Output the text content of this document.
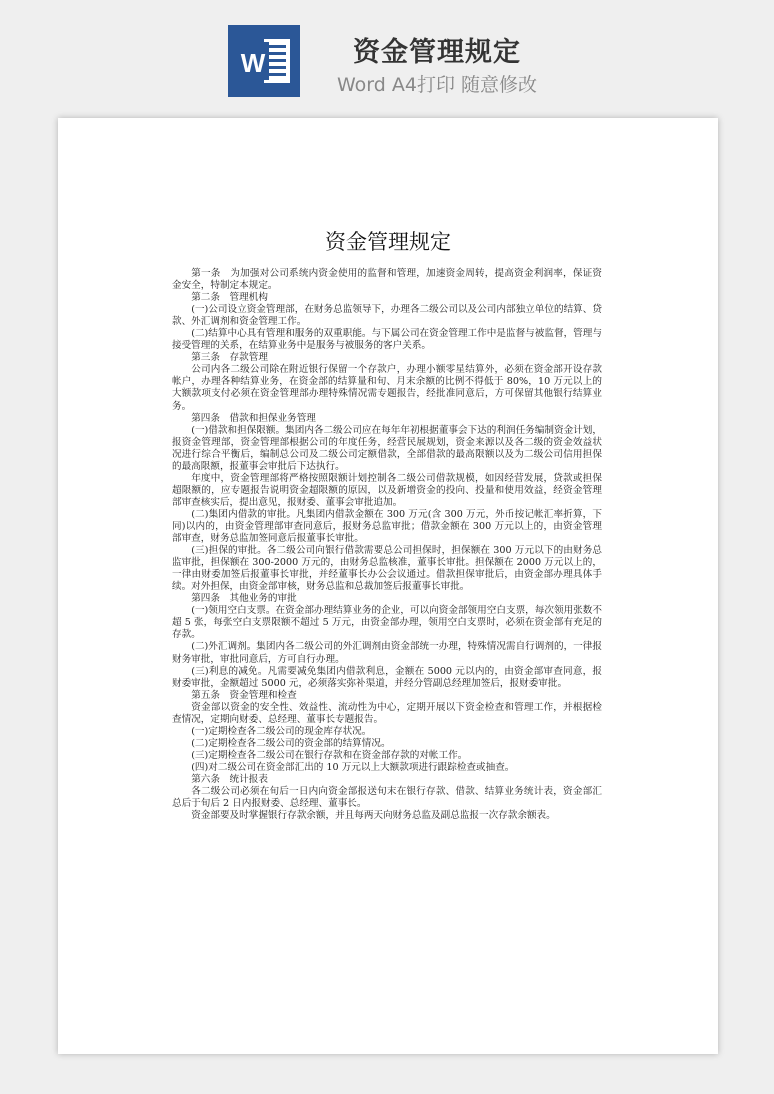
W	资金管理规定
Word A4打印 随意修改
资金管理规定

第一条　为加强对公司系统内资金使用的监督和管理，加速资金周转，提高资金利润率，保证资金安全，特制定本规定。

第二条　管理机构

(一)公司设立资金管理部，在财务总监领导下，办理各二级公司以及公司内部独立单位的结算、贷款、外汇调剂和资金管理工作。

(二)结算中心具有管理和服务的双重职能。与下属公司在资金管理工作中是监督与被监督，管理与接受管理的关系，在结算业务中是服务与被服务的客户关系。

第三条　存款管理

公司内各二级公司除在附近银行保留一个存款户，办理小额零星结算外，必须在资金部开设存款帐户，办理各种结算业务，在资金部的结算量和旬、月末余额的比例不得低于 80%，10 万元以上的大额款项支付必须在资金管理部办理特殊情况需专题报告，经批准同意后，方可保留其他银行结算业务。

第四条　借款和担保业务管理

(一)借款和担保限额。集团内各二级公司应在每年年初根据董事会下达的利润任务编制资金计划，报资金管理部，资金管理部根据公司的年度任务，经营民展规划，资金来源以及各二级的资金效益状况进行综合平衡后，编制总公司及二级公司定额借款，全部借款的最高限额以及为二级公司信用担保的最高限额，报董事会审批后下达执行。

年度中，资金管理部将严格按照限额计划控制各二级公司借款规模，如因经营发展，贷款或担保超限额的，应专题报告说明资金超限额的原因，以及新增资金的投向、投量和使用效益，经资金管理部审查核实后，提出意见，报财委、董事会审批追加。

(二)集团内借款的审批。凡集团内借款金额在 300 万元(含 300 万元，外币按记帐汇率折算，下同)以内的，由资金管理部审查同意后，报财务总监审批；借款金额在 300 万元以上的，由资金管理部审查，财务总监加签同意后报董事长审批。

(三)担保的审批。各二级公司向银行借款需要总公司担保时，担保额在 300 万元以下的由财务总监审批，担保额在 300-2000 万元的，由财务总监核准，董事长审批。担保额在 2000 万元以上的，一律由财委加签后报董事长审批，并经董事长办公会议通过。借款担保审批后，由资金部办理具体手续。对外担保，由资金部审核，财务总监和总裁加签后报董事长审批。

第四条　其他业务的审批

(一)领用空白支票。在资金部办理结算业务的企业，可以向资金部领用空白支票，每次领用张数不超 5 张，每张空白支票限额不超过 5 万元，由资金部办理，领用空白支票时，必须在资金部有充足的存款。

(二)外汇调剂。集团内各二级公司的外汇调剂由资金部统一办理，特殊情况需自行调剂的，一律报财务审批，审批同意后，方可自行办理。

(三)利息的减免。凡需要减免集团内借款利息，金额在 5000 元以内的，由资金部审查同意，报财委审批，金额超过 5000 元，必须落实弥补渠道，并经分管副总经理加签后，报财委审批。

第五条　资金管理和检查

资金部以资金的安全性、效益性、流动性为中心，定期开展以下资金检查和管理工作，并根据检查情况，定期向财委、总经理、董事长专题报告。

(一)定期检查各二级公司的现金库存状况。

(二)定期检查各二级公司的资金部的结算情况。

(三)定期检查各二级公司在银行存款和在资金部存款的对帐工作。

(四)对二级公司在资金部汇出的 10 万元以上大额款项进行跟踪检查或抽查。

第六条　统计报表

各二级公司必须在旬后一日内向资金部报送旬末在银行存款、借款、结算业务统计表，资金部汇总后于旬后 2 日内报财委、总经理、董事长。

资金部要及时掌握银行存款余额，并且每两天向财务总监及副总监报一次存款余额表。
